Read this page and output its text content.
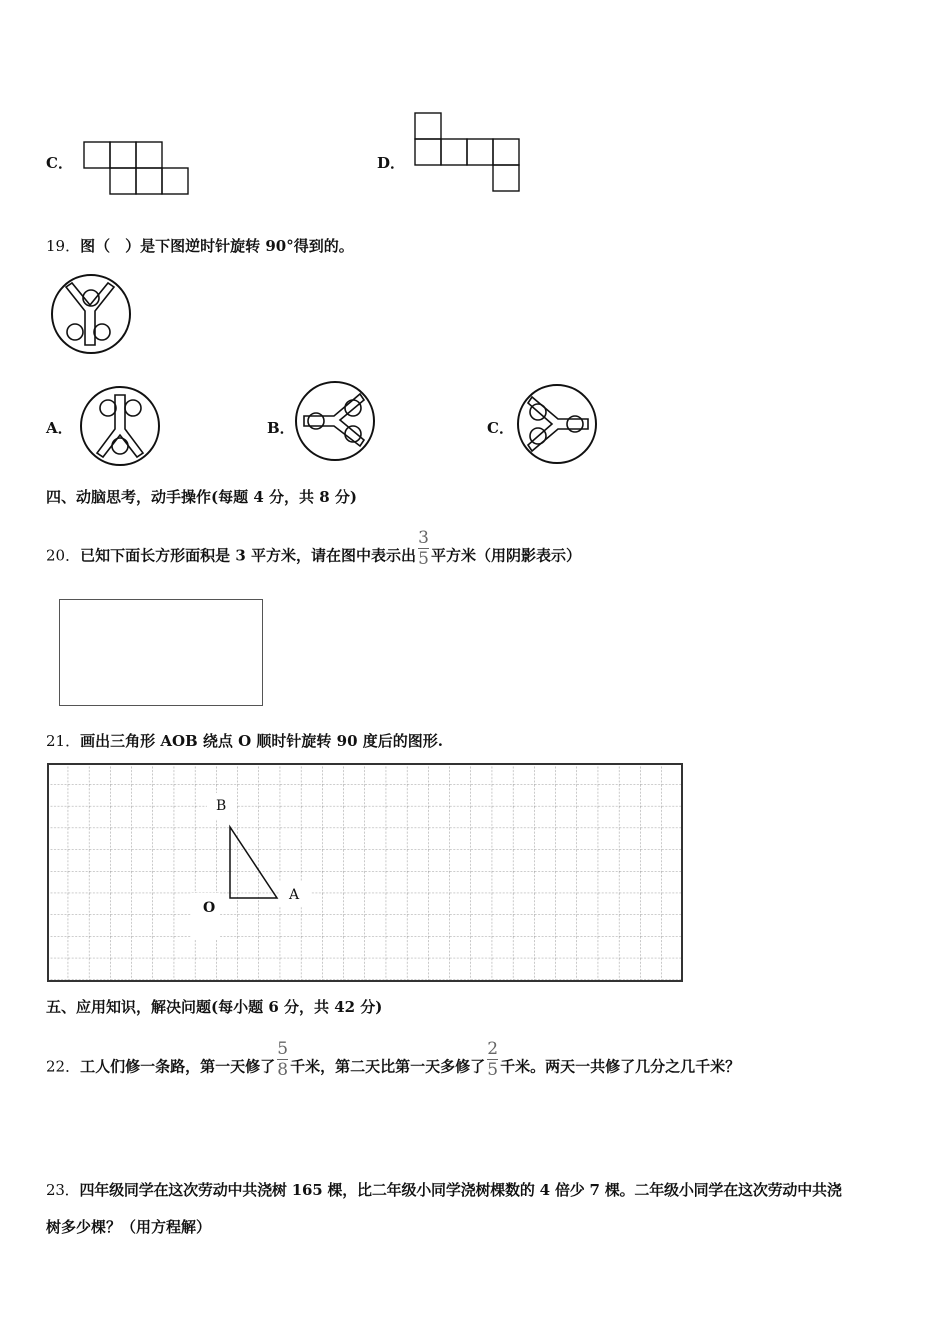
C．	D．
19．图（　）是下图逆时针旋转 90°得到的。
A．	B．	C．
四、动脑思考，动手操作(每题 4 分，共 8 分)
20．已知下面长方形面积是 3 平方米，请在图中表示出 $\frac{3}{5}$ 平方米（用阴影表示）
21．画出三角形 AOB 绕点 O 顺时针旋转 90 度后的图形.
B
A
O
五、应用知识，解决问题(每小题 6 分，共 42 分)
22．工人们修一条路，第一天修了 $\frac{5}{8}$ 千米，第二天比第一天多修了 $\frac{2}{5}$ 千米。两天一共修了几分之几千米？
23．四年级同学在这次劳动中共浇树 165 棵，比二年级小同学浇树棵数的 4 倍少 7 棵。二年级小同学在这次劳动中共浇
树多少棵？（用方程解）
